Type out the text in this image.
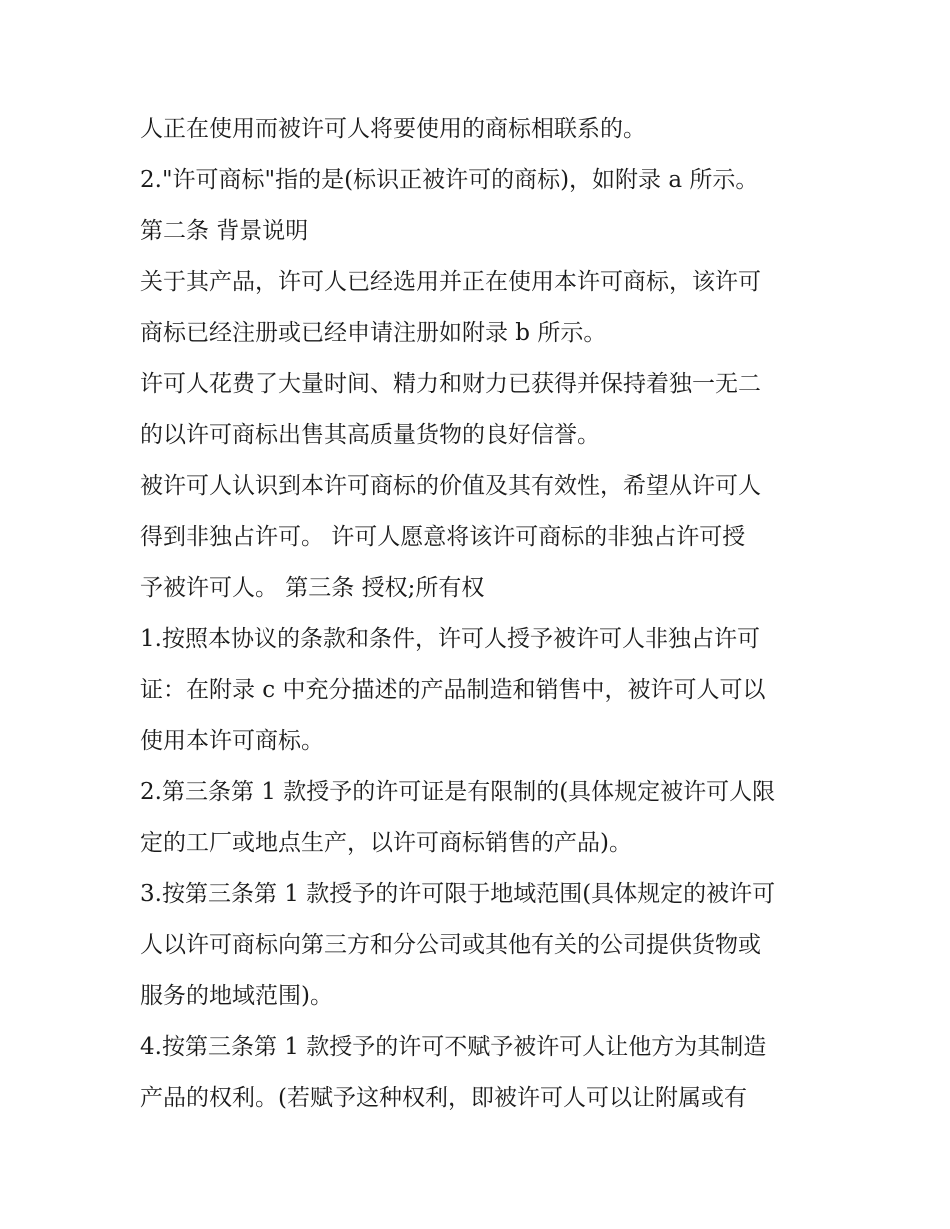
人正在使用而被许可人将要使用的商标相联系的。
2."许可商标"指的是(标识正被许可的商标)，如附录 a 所示。
第二条 背景说明
关于其产品，许可人已经选用并正在使用本许可商标，该许可
商标已经注册或已经申请注册如附录 b 所示。
许可人花费了大量时间、精力和财力已获得并保持着独一无二
的以许可商标出售其高质量货物的良好信誉。
被许可人认识到本许可商标的价值及其有效性，希望从许可人
得到非独占许可。 许可人愿意将该许可商标的非独占许可授
予被许可人。 第三条 授权;所有权
1.按照本协议的条款和条件，许可人授予被许可人非独占许可
证：在附录 c 中充分描述的产品制造和销售中，被许可人可以
使用本许可商标。
2.第三条第 1 款授予的许可证是有限制的(具体规定被许可人限
定的工厂或地点生产，以许可商标销售的产品)。
3.按第三条第 1 款授予的许可限于地域范围(具体规定的被许可
人以许可商标向第三方和分公司或其他有关的公司提供货物或
服务的地域范围)。
4.按第三条第 1 款授予的许可不赋予被许可人让他方为其制造
产品的权利。(若赋予这种权利，即被许可人可以让附属或有
